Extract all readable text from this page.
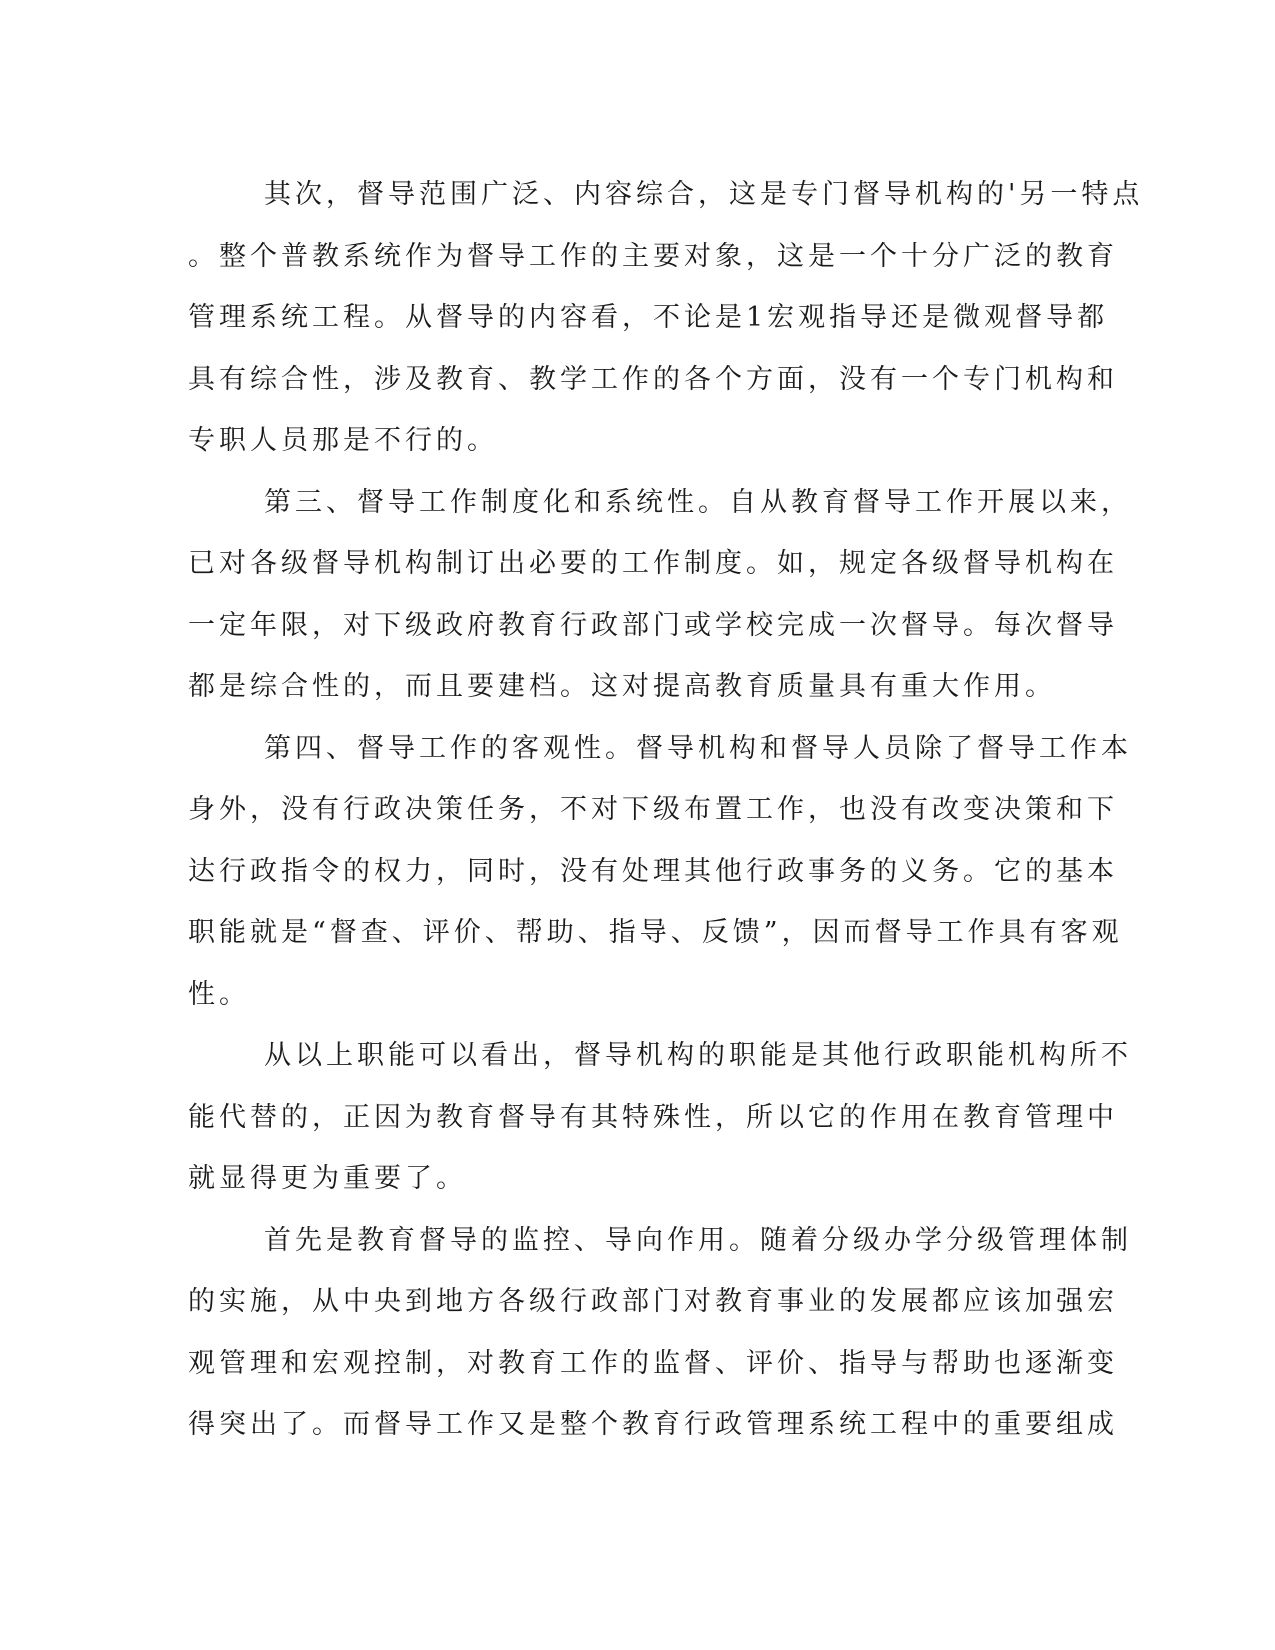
其次，督导范围广泛、内容综合，这是专门督导机构的'另一特点
。整个普教系统作为督导工作的主要对象，这是一个十分广泛的教育
管理系统工程。从督导的内容看，不论是1宏观指导还是微观督导都
具有综合性，涉及教育、教学工作的各个方面，没有一个专门机构和
专职人员那是不行的。
第三、督导工作制度化和系统性。自从教育督导工作开展以来，
已对各级督导机构制订出必要的工作制度。如，规定各级督导机构在
一定年限，对下级政府教育行政部门或学校完成一次督导。每次督导
都是综合性的，而且要建档。这对提高教育质量具有重大作用。
第四、督导工作的客观性。督导机构和督导人员除了督导工作本
身外，没有行政决策任务，不对下级布置工作，也没有改变决策和下
达行政指令的权力，同时，没有处理其他行政事务的义务。它的基本
职能就是“督查、评价、帮助、指导、反馈”，因而督导工作具有客观
性。
从以上职能可以看出，督导机构的职能是其他行政职能机构所不
能代替的，正因为教育督导有其特殊性，所以它的作用在教育管理中
就显得更为重要了。
首先是教育督导的监控、导向作用。随着分级办学分级管理体制
的实施，从中央到地方各级行政部门对教育事业的发展都应该加强宏
观管理和宏观控制，对教育工作的监督、评价、指导与帮助也逐渐变
得突出了。而督导工作又是整个教育行政管理系统工程中的重要组成
